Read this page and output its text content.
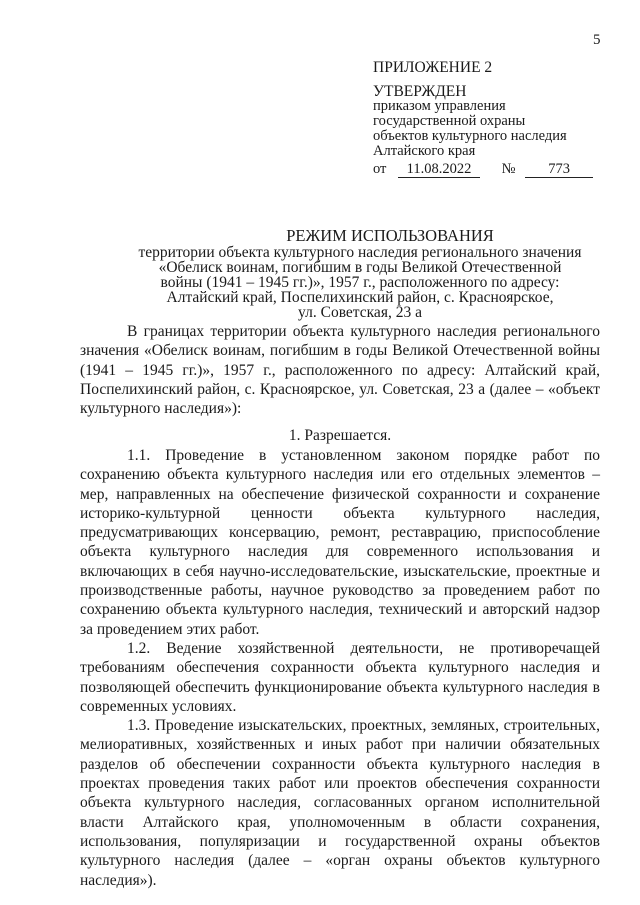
5
ПРИЛОЖЕНИЕ 2
УТВЕРЖДЕН
приказом управления
государственной охраны
объектов культурного наследия
Алтайского края
от 11.08.2022 № 773
РЕЖИМ ИСПОЛЬЗОВАНИЯ
территории объекта культурного наследия регионального значения
«Обелиск воинам, погибшим в годы Великой Отечественной
войны (1941 – 1945 гг.)», 1957 г., расположенного по адресу:
Алтайский край, Поспелихинский район, с. Красноярское,
ул. Советская, 23 а

В границах территории объекта культурного наследия регионального значения «Обелиск воинам, погибшим в годы Великой Отечественной войны (1941 – 1945 гг.)», 1957 г., расположенного по адресу: Алтайский край, Поспелихинский район, с. Красноярское, ул. Советская, 23 а (далее – «объект культурного наследия»):

1. Разрешается.

1.1. Проведение в установленном законом порядке работ по сохранению объекта культурного наследия или его отдельных элементов – мер, направленных на обеспечение физической сохранности и сохранение историко-культурной ценности объекта культурного наследия, предусматривающих консервацию, ремонт, реставрацию, приспособление объекта культурного наследия для современного использования и включающих в себя научно-исследовательские, изыскательские, проектные и производственные работы, научное руководство за проведением работ по сохранению объекта культурного наследия, технический и авторский надзор за проведением этих работ.

1.2. Ведение хозяйственной деятельности, не противоречащей требованиям обеспечения сохранности объекта культурного наследия и позволяющей обеспечить функционирование объекта культурного наследия в современных условиях.

1.3. Проведение изыскательских, проектных, земляных, строительных, мелиоративных, хозяйственных и иных работ при наличии обязательных разделов об обеспечении сохранности объекта культурного наследия в проектах проведения таких работ или проектов обеспечения сохранности объекта культурного наследия, согласованных органом исполнительной власти Алтайского края, уполномоченным в области сохранения, использования, популяризации и государственной охраны объектов культурного наследия (далее – «орган охраны объектов культурного наследия»).
